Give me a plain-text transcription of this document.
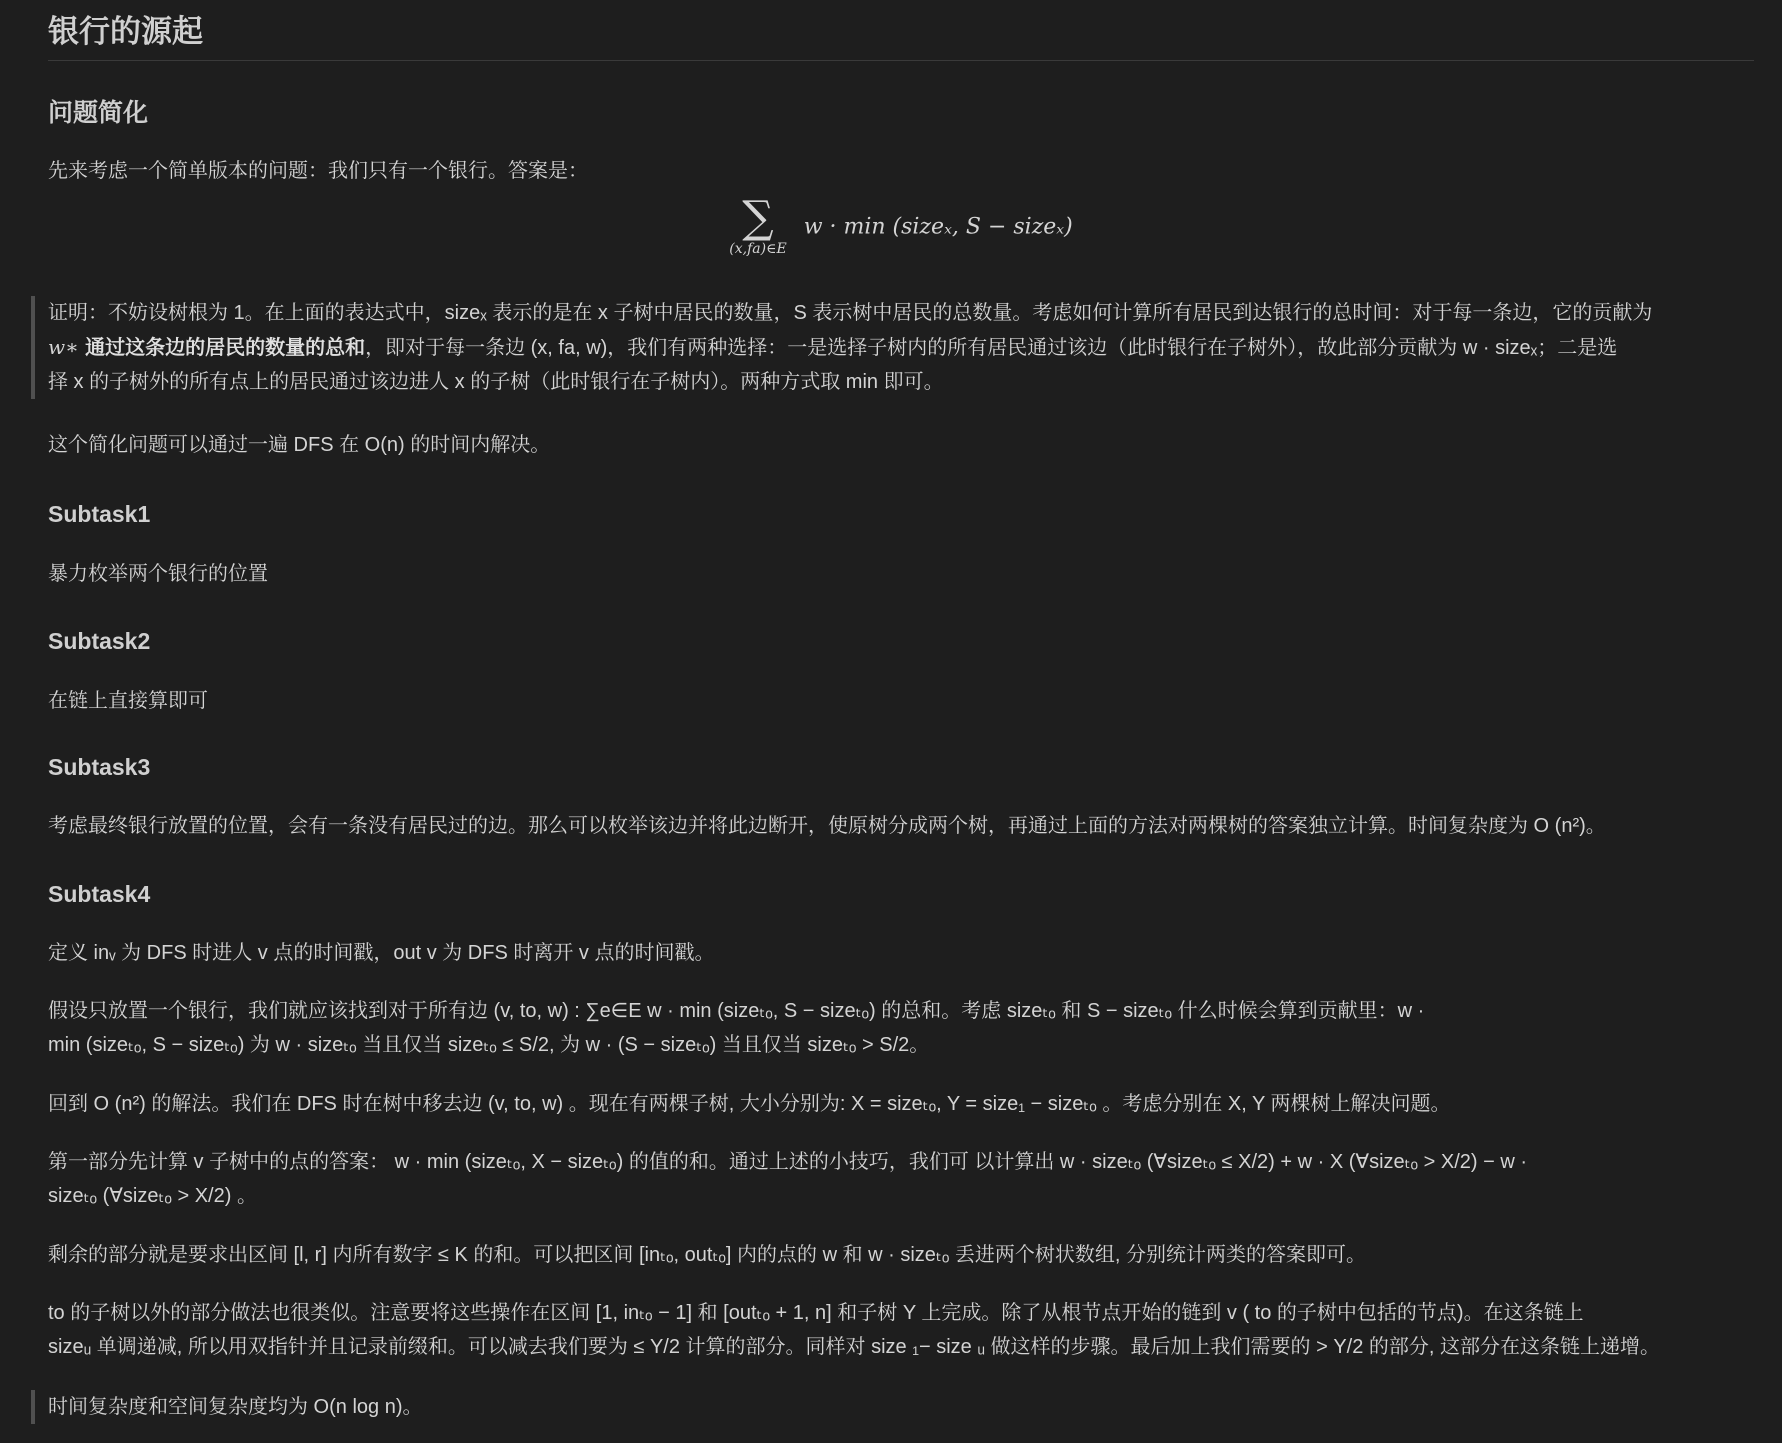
银行的源起
问题简化

先来考虑一个简单版本的问题：我们只有一个银行。答案是：

∑
(x,fa)∈E
w · min (sizeₓ, S − sizeₓ)

证明：不妨设树根为 1。在上面的表达式中，sizeₓ 表示的是在 x 子树中居民的数量，S 表示树中居民的总数量。考虑如何计算所有居民到达银行的总时间：对于每一条边，它的贡献为

w∗ 通过这条边的居民的数量的总和，即对于每一条边 (x, fa, w)，我们有两种选择：一是选择子树内的所有居民通过该边（此时银行在子树外），故此部分贡献为 w · sizeₓ；二是选

择 x 的子树外的所有点上的居民通过该边进人 x 的子树（此时银行在子树内）。两种方式取 min 即可。

这个简化问题可以通过一遍 DFS 在 O(n) 的时间内解决。

Subtask1

暴力枚举两个银行的位置

Subtask2

在链上直接算即可

Subtask3

考虑最终银行放置的位置，会有一条没有居民过的边。那么可以枚举该边并将此边断开，使原树分成两个树，再通过上面的方法对两棵树的答案独立计算。时间复杂度为 O (n²)。

Subtask4

定义 inᵥ 为 DFS 时进人 v 点的时间戳，out v 为 DFS 时离开 v 点的时间戳。

假设只放置一个银行，我们就应该找到对于所有边 (v, to, w) : ∑e∈E w · min (sizeₜₒ, S − sizeₜₒ) 的总和。考虑 sizeₜₒ 和 S − sizeₜₒ 什么时候会算到贡献里：w ·

min (sizeₜₒ, S − sizeₜₒ) 为 w · sizeₜₒ 当且仅当 sizeₜₒ ≤ S/2, 为 w · (S − sizeₜₒ) 当且仅当 sizeₜₒ > S/2。

回到 O (n²) 的解法。我们在 DFS 时在树中移去边 (v, to, w) 。现在有两棵子树, 大小分别为: X = sizeₜₒ, Y = size₁ − sizeₜₒ 。考虑分别在 X, Y 两棵树上解决问题。

第一部分先计算 v 子树中的点的答案： w · min (sizeₜₒ, X − sizeₜₒ) 的值的和。通过上述的小技巧，我们可 以计算出 w · sizeₜₒ (∀sizeₜₒ ≤ X/2) + w · X (∀sizeₜₒ > X/2) − w ·

sizeₜₒ (∀sizeₜₒ > X/2) 。

剩余的部分就是要求出区间 [l, r] 内所有数字 ≤ K 的和。可以把区间 [inₜₒ, outₜₒ] 内的点的 w 和 w · sizeₜₒ 丢进两个树状数组, 分别统计两类的答案即可。

to 的子树以外的部分做法也很类似。注意要将这些操作在区间 [1, inₜₒ − 1] 和 [outₜₒ + 1, n] 和子树 Y 上完成。除了从根节点开始的链到 v ( to 的子树中包括的节点)。在这条链上

sizeᵤ 单调递减, 所以用双指针并且记录前缀和。可以减去我们要为 ≤ Y/2 计算的部分。同样对 size ₁− size ᵤ 做这样的步骤。最后加上我们需要的 > Y/2 的部分, 这部分在这条链上递增。

时间复杂度和空间复杂度均为 O(n log n)。
